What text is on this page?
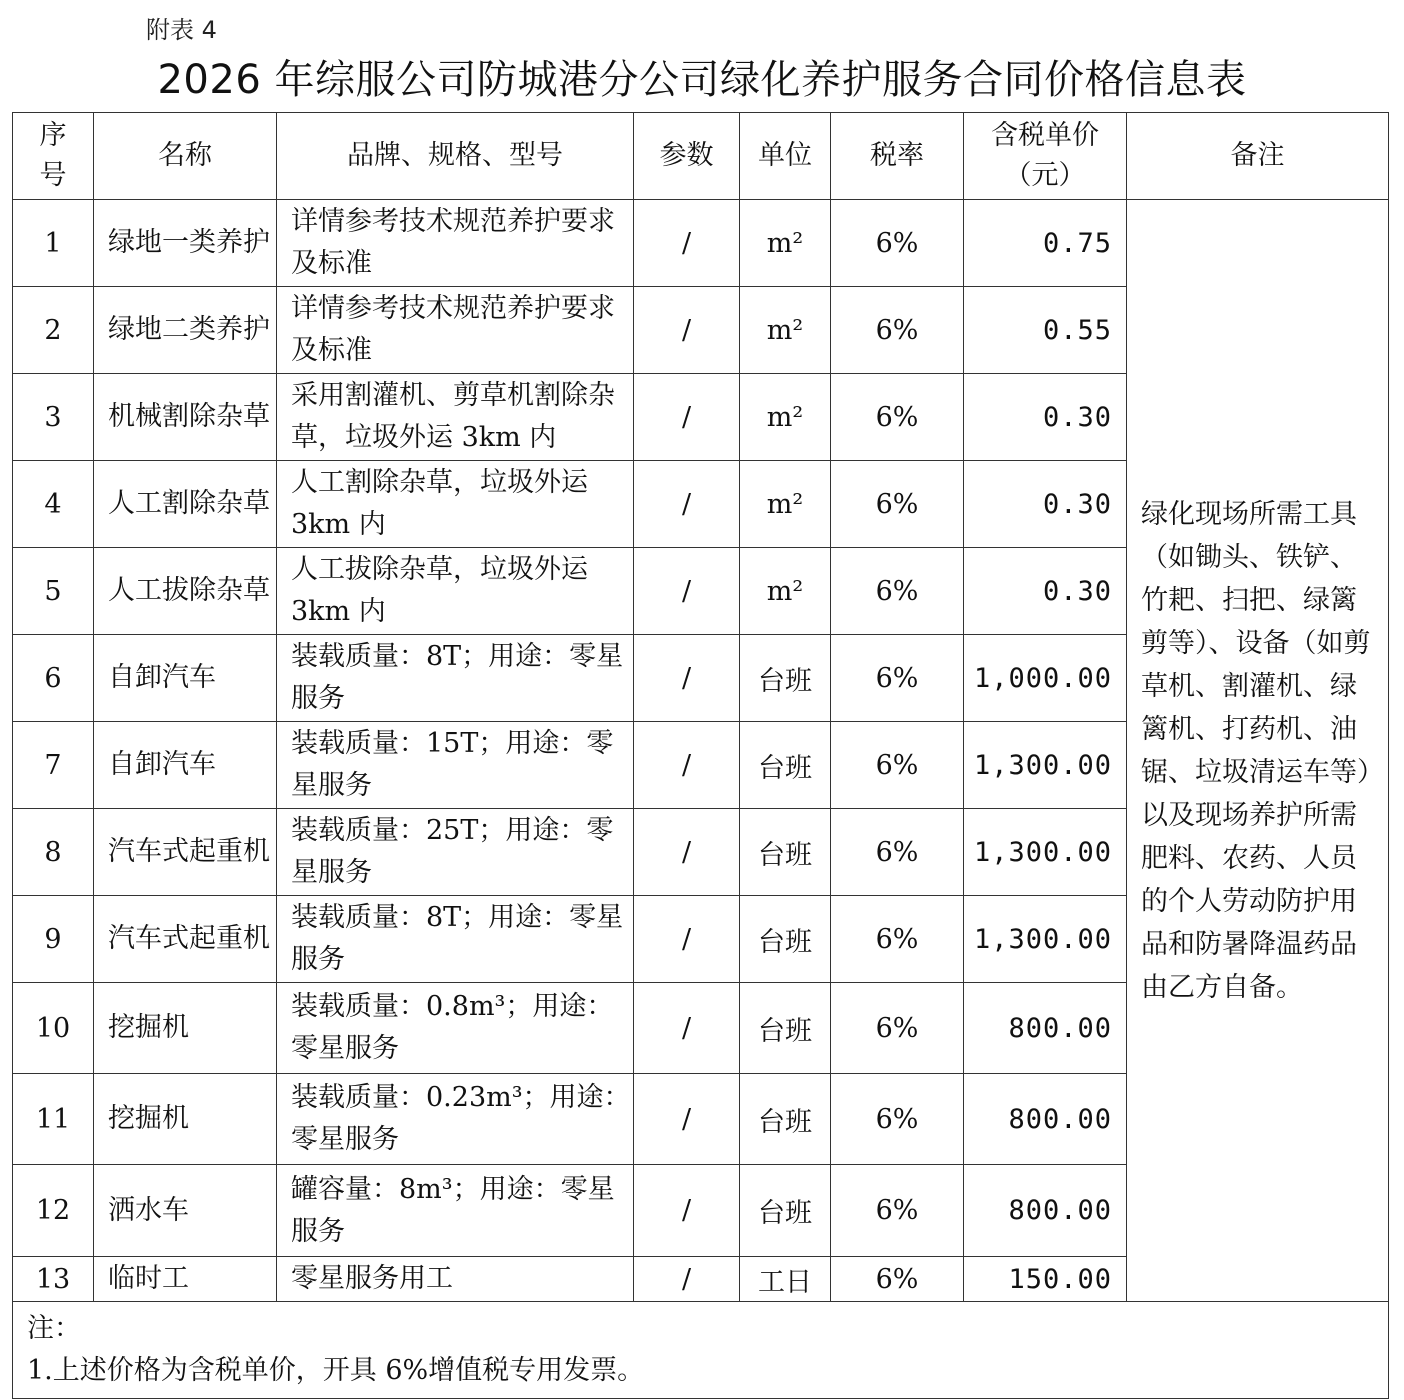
附表 4
2026 年综服公司防城港分公司绿化养护服务合同价格信息表
序号	名称	品牌、规格、型号	参数	单位	税率	含税单价（元）	备注
1	绿地一类养护	详情参考技术规范养护要求及标准	/	m²	6%	0.75	绿化现场所需工具（如锄头、铁铲、竹耙、扫把、绿篱剪等）、设备（如剪草机、割灌机、绿篱机、打药机、油锯、垃圾清运车等）以及现场养护所需肥料、农药、人员的个人劳动防护用品和防暑降温药品由乙方自备。
2	绿地二类养护	详情参考技术规范养护要求及标准	/	m²	6%	0.55	
3	机械割除杂草	采用割灌机、剪草机割除杂草，垃圾外运 3km 内	/	m²	6%	0.30	
4	人工割除杂草	人工割除杂草，垃圾外运 3km 内	/	m²	6%	0.30	
5	人工拔除杂草	人工拔除杂草，垃圾外运 3km 内	/	m²	6%	0.30	
6	自卸汽车	装载质量：8T；用途：零星服务	/	台班	6%	1,000.00	
7	自卸汽车	装载质量：15T；用途：零星服务	/	台班	6%	1,300.00	
8	汽车式起重机	装载质量：25T；用途：零星服务	/	台班	6%	1,300.00	
9	汽车式起重机	装载质量：8T；用途：零星服务	/	台班	6%	1,300.00	
10	挖掘机	装载质量：0.8m³；用途：零星服务	/	台班	6%	800.00	
11	挖掘机	装载质量：0.23m³；用途：零星服务	/	台班	6%	800.00	
12	洒水车	罐容量：8m³；用途：零星服务	/	台班	6%	800.00	
13	临时工	零星服务用工	/	工日	6%	150.00	

注：
1.上述价格为含税单价，开具 6%增值税专用发票。							
